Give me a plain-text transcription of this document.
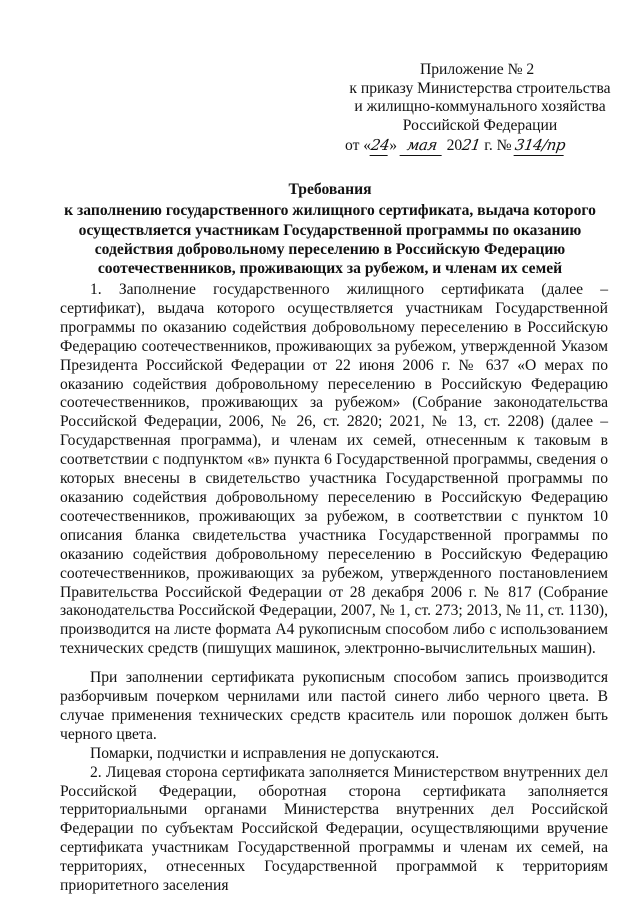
Приложение № 2
к приказу Министерства строительства
и жилищно-коммунального хозяйства
Российской Федерации
от «24» мая 2021 г. № 314/пр
Требования
к заполнению государственного жилищного сертификата, выдача которого
осуществляется участникам Государственной программы по оказанию
содействия добровольному переселению в Российскую Федерацию
соотечественников, проживающих за рубежом, и членам их семей

1. Заполнение государственного жилищного сертификата (далее – сертификат), выдача которого осуществляется участникам Государственной программы по оказанию содействия добровольному переселению в Российскую Федерацию соотечественников, проживающих за рубежом, утвержденной Указом Президента Российской Федерации от 22 июня 2006 г. № 637 «О мерах по оказанию содействия добровольному переселению в Российскую Федерацию соотечественников, проживающих за рубежом» (Собрание законодательства Российской Федерации, 2006, № 26, ст. 2820; 2021, № 13, ст. 2208) (далее – Государственная программа), и членам их семей, отнесенным к таковым в соответствии с подпунктом «в» пункта 6 Государственной программы, сведения о которых внесены в свидетельство участника Государственной программы по оказанию содействия добровольному переселению в Российскую Федерацию соотечественников, проживающих за рубежом, в соответствии с пунктом 10 описания бланка свидетельства участника Государственной программы по оказанию содействия добровольному переселению в Российскую Федерацию соотечественников, проживающих за рубежом, утвержденного постановлением Правительства Российской Федерации от 28 декабря 2006 г. № 817 (Собрание законодательства Российской Федерации, 2007, № 1, ст. 273; 2013, № 11, ст. 1130), производится на листе формата А4 рукописным способом либо с использованием технических средств (пишущих машинок, электронно-вычислительных машин).

При заполнении сертификата рукописным способом запись производится разборчивым почерком чернилами или пастой синего либо черного цвета. В случае применения технических средств краситель или порошок должен быть черного цвета.

Помарки, подчистки и исправления не допускаются.

2. Лицевая сторона сертификата заполняется Министерством внутренних дел Российской Федерации, оборотная сторона сертификата заполняется территориальными органами Министерства внутренних дел Российской Федерации по субъектам Российской Федерации, осуществляющими вручение сертификата участникам Государственной программы и членам их семей, на территориях, отнесенных Государственной программой к территориям приоритетного заселения
